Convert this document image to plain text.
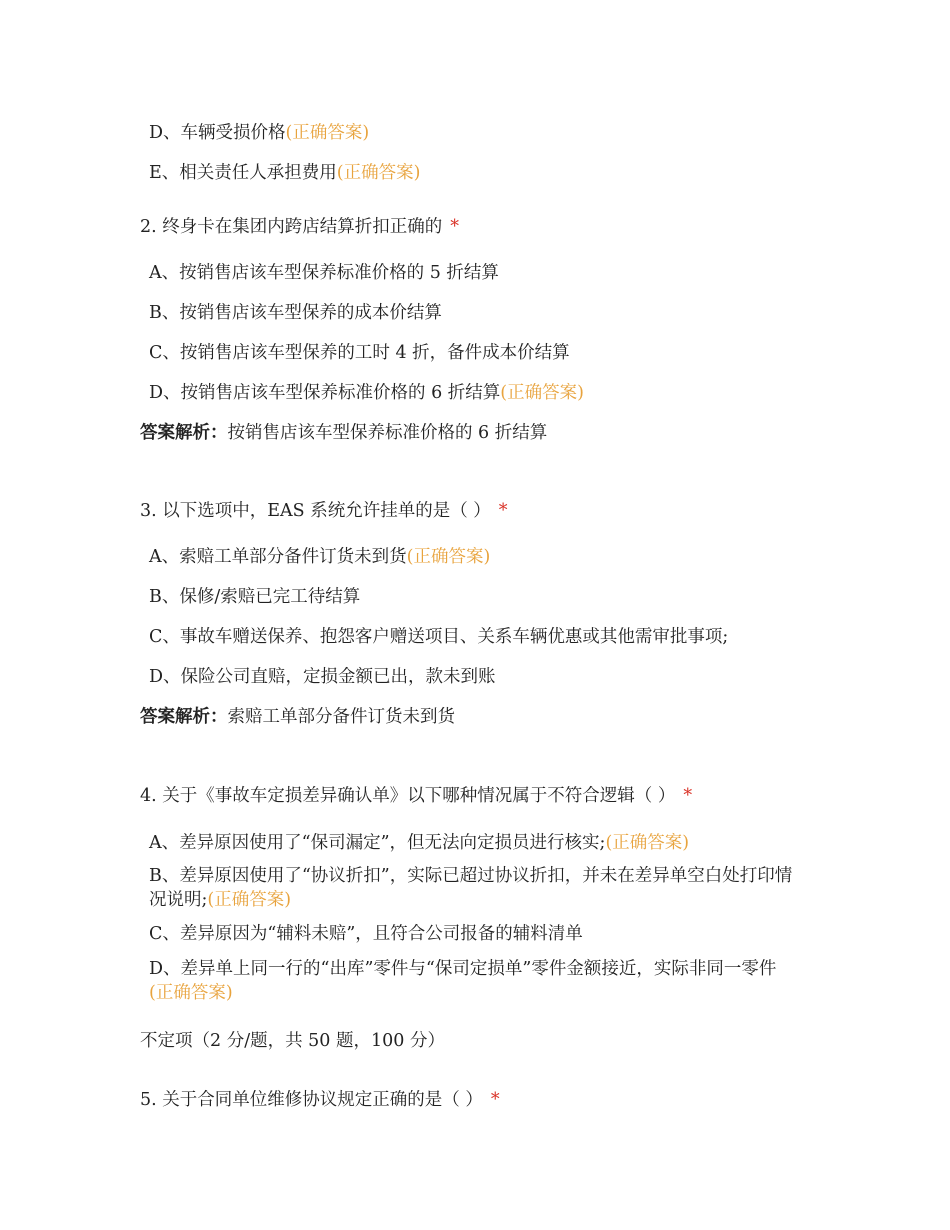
D、车辆受损价格(正确答案)
E、相关责任人承担费用(正确答案)
2. 终身卡在集团内跨店结算折扣正确的 *
A、按销售店该车型保养标准价格的 5 折结算
B、按销售店该车型保养的成本价结算
C、按销售店该车型保养的工时 4 折，备件成本价结算
D、按销售店该车型保养标准价格的 6 折结算(正确答案)
答案解析：按销售店该车型保养标准价格的 6 折结算
3. 以下选项中，EAS 系统允许挂单的是（ ） *
A、索赔工单部分备件订货未到货(正确答案)
B、保修/索赔已完工待结算
C、事故车赠送保养、抱怨客户赠送项目、关系车辆优惠或其他需审批事项;
D、保险公司直赔，定损金额已出，款未到账
答案解析：索赔工单部分备件订货未到货
4. 关于《事故车定损差异确认单》以下哪种情况属于不符合逻辑（ ） *
A、差异原因使用了“保司漏定”，但无法向定损员进行核实;(正确答案)
B、差异原因使用了“协议折扣”，实际已超过协议折扣，并未在差异单空白处打印情况说明;(正确答案)
C、差异原因为“辅料未赔”，且符合公司报备的辅料清单
D、差异单上同一行的“出库”零件与“保司定损单”零件金额接近，实际非同一零件(正确答案)
不定项（2 分/题，共 50 题，100 分）
5. 关于合同单位维修协议规定正确的是（ ） *
